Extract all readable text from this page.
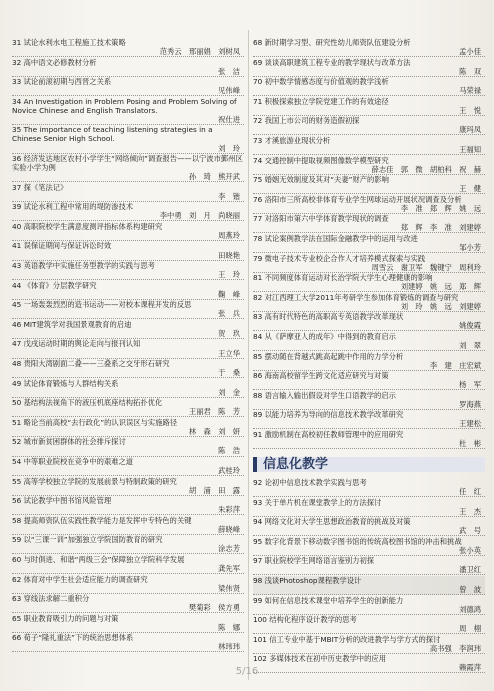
31 试论水利水电工程施工技术策略
范秀云　邢丽娟　刘树凤
32 高中语文必修教材分析
张　洁
33 试论前滚初期与西晋之关系
见伟峰
34 An Investigation in Problem Posing and Problem Solving of Novice Chinese and English Translators.
祝仕进
35 The importance of teaching listening strategies in a Chinese Senior High School.
刘　玲
36 经济发达地区农村小学学生“网络倾向”调查报告——以宁波市鄞州区实验小学为例
孙　琦　熊开武
37 探《笔法记》
李　锴
39 试论水利工程中常用的堤防渗技术
李中勇　刘　月　尚晓丽
40 高职院校学生满意度测评指标体系构建研究
周燕玲
41 误保证期间与保证诉讼时效
田晓艳
43 英语教学中实施任务型教学的实践与思考
王　玲
44 《体育》分层教学研究
鞠　峰
45 一场轰轰烈烈的造书运动——对校本课程开发的反思
张　兵
46 MIT建筑学对我国景观教育的启迪
贺　玖
47 戊戌运动时期的舆论走向与报刊认知
王立华
48 贵阳大湾剧面二叠——三叠系之交牙形石研究
于　桑
49 试论体育锻炼与人群结构关系
刘　金
50 基结构法视角下的液压机底座结构拓扑优化
王丽君　陈　芳
51 略论当前高校“去行政化”的认识误区与实施路径
林　森　刘　妍
52 城市新贫困群体的社会排斥探讨
陈　浩
54 中等职业院校在竞争中的艰难之道
武桂玲
55 高等学校独立学院的发展前景与特制政策的研究
胡　浦　田　露
56 试论教学中图书馆风险管理
朱彩萍
58 提高师资队伍实践性教学能力是发挥中专特色的关键
薛晓峰
59 以“三课一训”加强独立学院国防教育的研究
涂志芳
60 与时俱进、和谐“两级三会”保障独立学院科学发展
龚先军
62 体育对中学生社会适应能力的调查研究
梁伟贤
63 穿线法求解二重积分
樊菊彩　侯方勇
65 职业教育吸引力的问题与对策
陈　娜
66 荀子“隆礼重法”下的统治思想体系
林玮玮
68 新时期学习型、研究性幼儿师资队伍建设分析
孟小佳
69 谈谈高职建筑工程专业的教学现状与改革方法
陈　双
70 初中数学情感态度与价值观的教学浅析
马荣禄
71 积极探索独立学院党建工作的有效途径
王　悦
72 我国上市公司的财务造假初探
康玛凤
73 才溪旅游业现状分析
王福知
74 交通控制中提取视频图像数学模型研究
薛志佳　郭　微　胡柏科　祝　赫
75 婚姻无效制度及其对“夫妻”财产的影响
王　健
76 洛阳市三所高校非体育专业学生网球运动开展状况调查及分析
李　准　郑　辉　姚　远
77 对洛阳市第六中学体育教学现状的调查
郑　辉　李　准　刘建婷
78 试论案例教学法在国际金融教学中的运用与改进
邹小芳
79 微电子技术专业校企合作人才培养模式探索与实践
周雪云　谢卫军　魏键宁　周利玲
81 不同频度体育运动对长治学院大学生心理健康的影响
刘建婷　姚　远　郑　辉
82 对江西理工大学2011年考研学生参加体育锻炼的调查与研究
刘　玲　姚　远　刘建婷
83 高有时代特色的高职高专英语教学改革现状
姚俊霞
84 从《萨摩亚人的成年》中得到的教育启示
刘　翠
85 摆动随在背越式跳高起跳中作用的力学分析
李　建　庄宏斌
86 海南高校留学生跨文化适应研究与对策
杨　军
88 语言输入输出假设对学生口语教学的启示
罗海燕
89 以能力培养为导向的信息技术教学改革研究
王建松
91 激励机制在高校初任教师管理中的应用研究
杜　彬
信息化教学
92 论初中信息技术教学实践与思考
任　红
93 关于单片机在课堂教学上的方法探讨
王　杰
94 网络文化对大学生思想政治教育的挑战及对策
武　号
95 数字化背景下移动数字图书馆的传统高校图书馆的冲击和挑战
张小英
97 职业院校学生网络语言鉴别力初探
潘卫红
98 浅谈Photoshop课程教学设计
曾　波
99 如何在信息技术课堂中培养学生的创新能力
刘德鸿
100 结构化程序设计教学的思考
周　栩
101 信工专业中基于MBIT分析的改进教学与学方式的探讨
高书强　李润玮
102 多媒体技术在初中历史教学中的应用
赖霞萍
5/16
